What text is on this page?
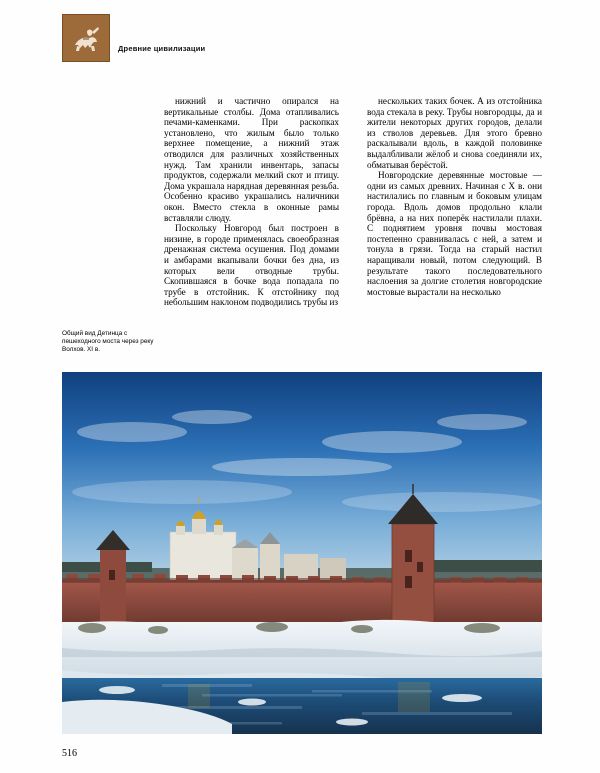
Древние цивилизации

нижний и частично опирался на вертикальные столбы. Дома отапливались печами-каменками. При раскопках установлено, что жилым было только верхнее помещение, а нижний этаж отводился для различных хозяйственных нужд. Там хранили инвентарь, запасы продуктов, содержали мелкий скот и птицу. Дома украшала нарядная деревянная резьба. Особенно красиво украшались наличники окон. Вместо стекла в оконные рамы вставляли слюду.

Поскольку Новгород был построен в низине, в городе применялась своеобразная дренажная система осушения. Под домами и амбарами вкапывали бочки без дна, из которых вели отводные трубы. Скопившаяся в бочке вода попадала по трубе в отстойник. К отстойнику под небольшим наклоном подводились трубы из

нескольких таких бочек. А из отстойника вода стекала в реку. Трубы новгородцы, да и жители некоторых других городов, делали из стволов деревьев. Для этого бревно раскалывали вдоль, в каждой половинке выдалбливали жёлоб и снова соединяли их, обматывая берёстой.

Новгородские деревянные мостовые — одни из самых древних. Начиная с X в. они настилались по главным и боковым улицам города. Вдоль домов продольно клали брёвна, а на них поперёк настилали плахи. С поднятием уровня почвы мостовая постепенно сравнивалась с ней, а затем и тонула в грязи. Тогда на старый настил наращивали новый, потом следующий. В результате такого последовательного наслоения за долгие столетия новгородские мостовые вырастали на несколько

Общий вид Детинца с пешеходного моста через реку Волхов. XI в.
516
